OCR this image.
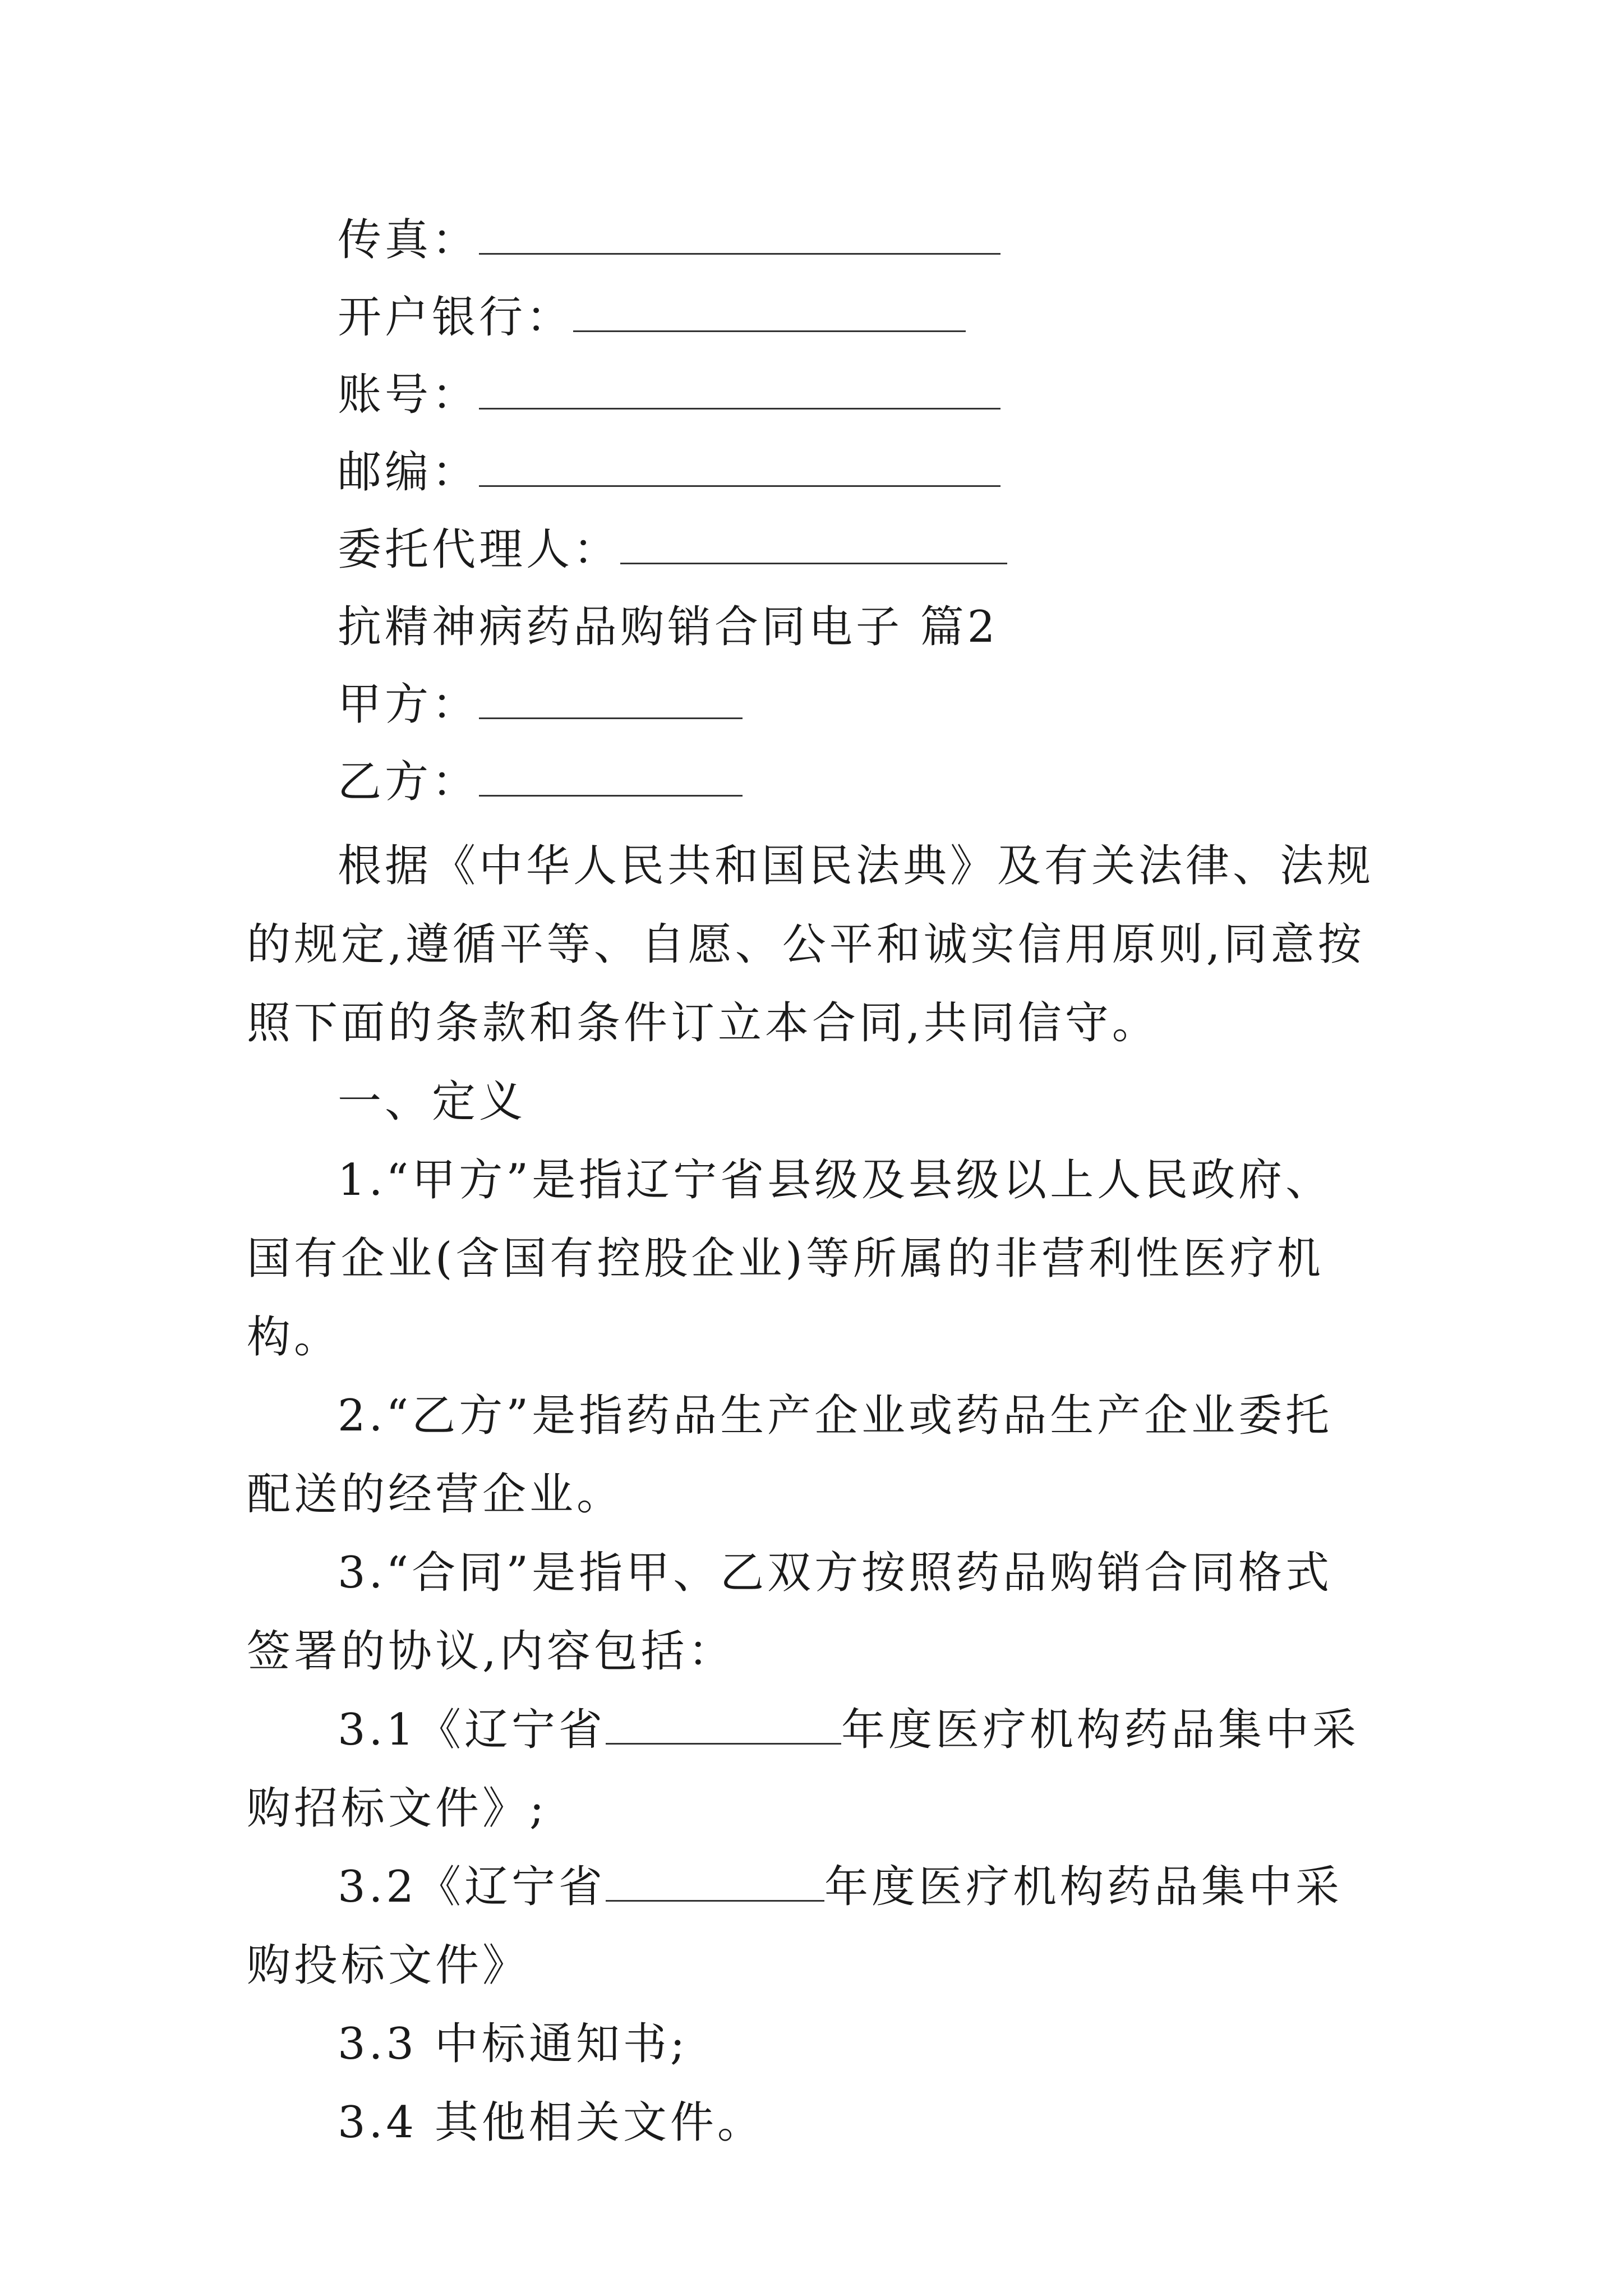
传真：
开户银行：
账号：
邮编：
委托代理人：
抗精神病药品购销合同电子 篇2
甲方：
乙方：

根据《中华人民共和国民法典》及有关法律、法规的规定,遵循平等、自愿、公平和诚实信用原则,同意按照下面的条款和条件订立本合同,共同信守。

一、定义

1.“甲方”是指辽宁省县级及县级以上人民政府、国有企业(含国有控股企业)等所属的非营利性医疗机构。

2.“乙方”是指药品生产企业或药品生产企业委托配送的经营企业。

3.“合同”是指甲、乙双方按照药品购销合同格式签署的协议,内容包括：

3.1《辽宁省	年度医疗机构药品集中采购招标文件》;

3.2《辽宁省	年度医疗机构药品集中采购投标文件》

3.3 中标通知书;

3.4 其他相关文件。
